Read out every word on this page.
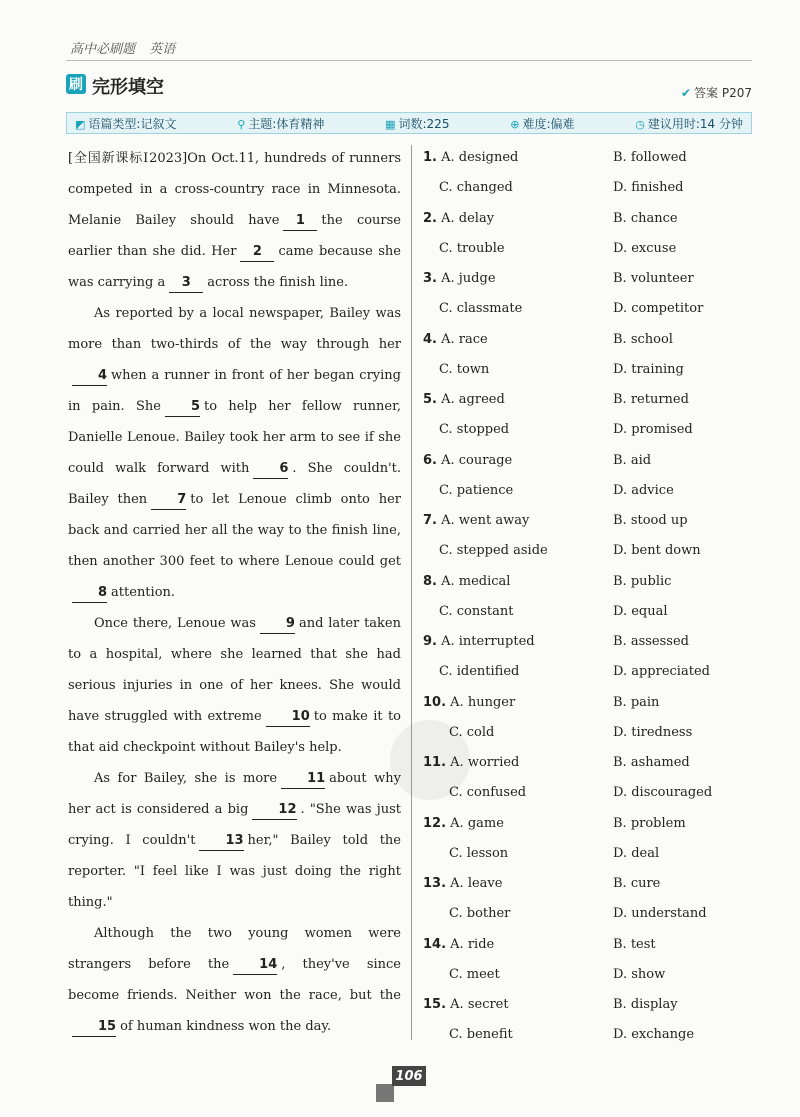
高中必刷题 英语
刷 完形填空	✔ 答案 P207
◩ 语篇类型:记叙文	⚲ 主题:体育精神	▦ 词数:225	⊕ 难度:偏难	◷ 建议用时:14 分钟

[全国新课标Ⅰ2023]On Oct.11, hundreds of runners competed in a cross-country race in Minnesota. Melanie Bailey should have 1 the course earlier than she did. Her 2 came because she was carrying a 3 across the finish line.

As reported by a local newspaper, Bailey was more than two-thirds of the way through her4 when a runner in front of her began crying in pain. She 5 to help her fellow runner, Danielle Lenoue. Bailey took her arm to see if she could walk forward with 6 . She couldn't. Bailey then 7 to let Lenoue climb onto her back and carried her all the way to the finish line, then another 300 feet to where Lenoue could get8 attention.

Once there, Lenoue was 9 and later taken to a hospital, where she learned that she had serious injuries in one of her knees. She would have struggled with extreme 10 to make it to that aid checkpoint without Bailey's help.

As for Bailey, she is more 11 about why her act is considered a big 12 . "She was just crying. I couldn't 13 her," Bailey told the reporter. "I feel like I was just doing the right thing."

Although the two young women were strangers before the 14 , they've since become friends. Neither won the race, but the15 of human kindness won the day.

1. A. designed	B. followed
C. changed	D. finished
2. A. delay	B. chance
C. trouble	D. excuse
3. A. judge	B. volunteer
C. classmate	D. competitor
4. A. race	B. school
C. town	D. training
5. A. agreed	B. returned
C. stopped	D. promised
6. A. courage	B. aid
C. patience	D. advice
7. A. went away	B. stood up
C. stepped aside	D. bent down
8. A. medical	B. public
C. constant	D. equal
9. A. interrupted	B. assessed
C. identified	D. appreciated
10. A. hunger	B. pain
C. cold	D. tiredness
11. A. worried	B. ashamed
C. confused	D. discouraged
12. A. game	B. problem
C. lesson	D. deal
13. A. leave	B. cure
C. bother	D. understand
14. A. ride	B. test
C. meet	D. show
15. A. secret	B. display
C. benefit	D. exchange
106
